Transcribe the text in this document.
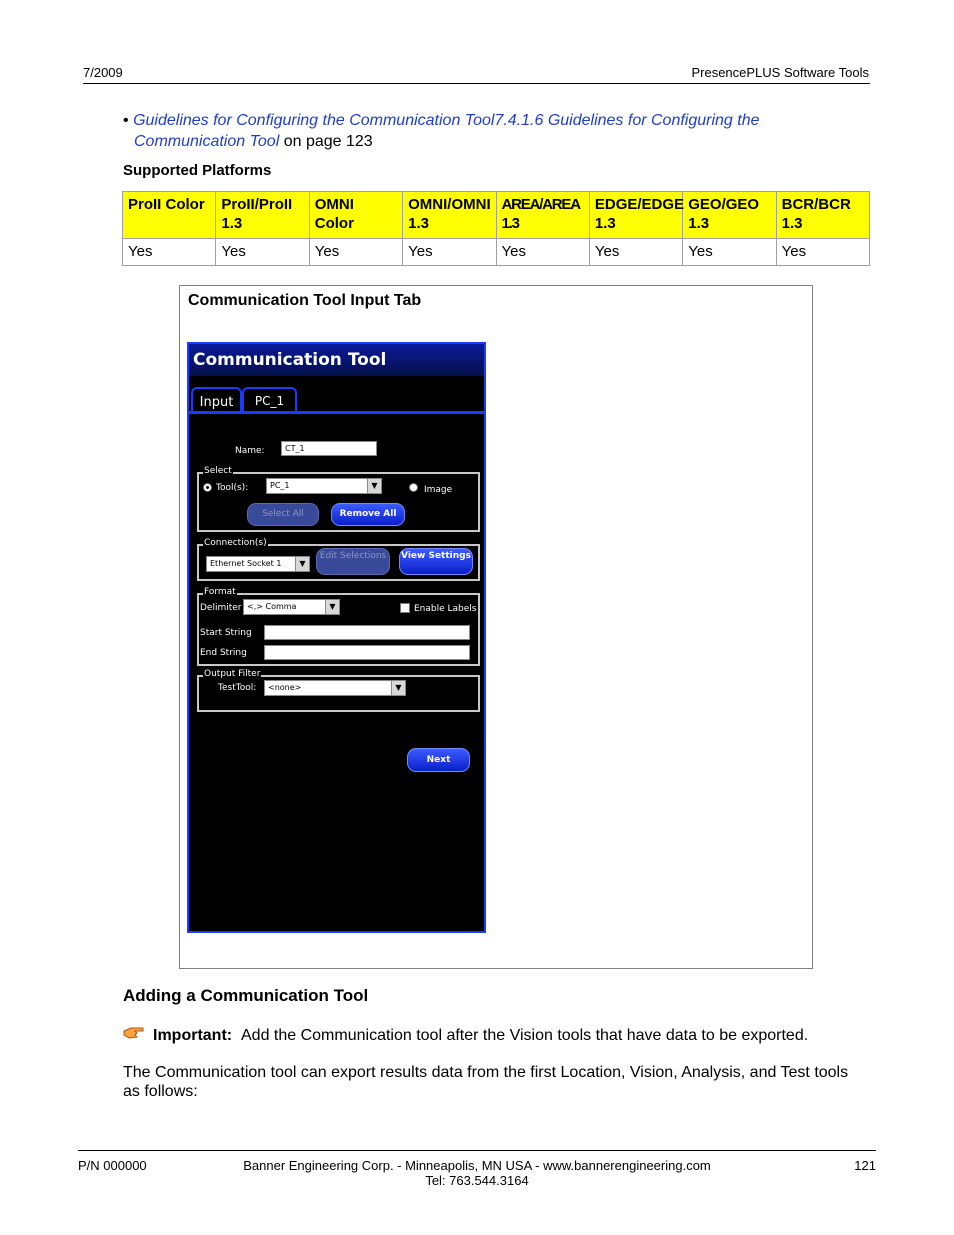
7/2009	PresencePLUS Software Tools
• Guidelines for Configuring the Communication Tool7.4.1.6 Guidelines for Configuring the
Communication Tool on page 123
Supported Platforms
ProII Color	ProII/ProII 1.3	OMNI Color	OMNI/OMNI 1.3	AREA/AREA 1.3	EDGE/EDGE 1.3	GEO/GEO 1.3	BCR/BCR 1.3
Yes	Yes	Yes	Yes	Yes	Yes	Yes	Yes
Communication Tool Input Tab
Communication Tool
Input	PC_1
Name:	CT_1
Select
Tool(s):	PC_1	▼	Image
Select All	Remove All
Connection(s)
Ethernet Socket 1	▼
Edit Selections	View Settings
Format
Delimiter <,> Comma	▼	Enable Labels
Start String
End String
Output Filter
TestTool:	<none>	▼
Next
Adding a Communication Tool
Important: Add the Communication tool after the Vision tools that have data to be exported.
The Communication tool can export results data from the first Location, Vision, Analysis, and Test tools as follows:
P/N 000000	Banner Engineering Corp. - Minneapolis, MN USA - www.bannerengineering.com
Tel: 763.544.3164
121
